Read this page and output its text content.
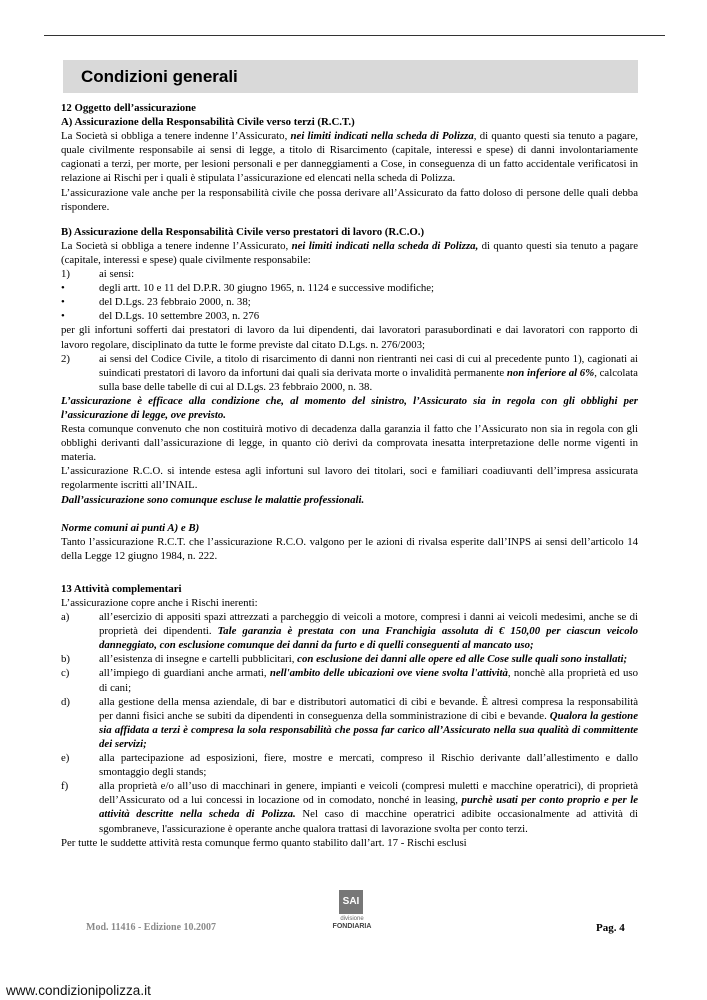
Condizioni generali

12 Oggetto dell’assicurazione

A) Assicurazione della Responsabilità Civile verso terzi (R.C.T.)

La Società si obbliga a tenere indenne l’Assicurato, nei limiti indicati nella scheda di Polizza, di quanto questi sia tenuto a pagare, quale civilmente responsabile ai sensi di legge, a titolo di Risarcimento (capitale, interessi e spese) di danni involontariamente cagionati a terzi, per morte, per lesioni personali e per danneggiamenti a Cose, in conseguenza di un fatto accidentale verificatosi in relazione ai Rischi per i quali è stipulata l’assicurazione ed elencati nella scheda di Polizza.

L’assicurazione vale anche per la responsabilità civile che possa derivare all’Assicurato da fatto doloso di persone delle quali debba rispondere.

B) Assicurazione della Responsabilità Civile verso prestatori di lavoro (R.C.O.)

La Società si obbliga a tenere indenne l’Assicurato, nei limiti indicati nella scheda di Polizza, di quanto questi sia tenuto a pagare (capitale, interessi e spese) quale civilmente responsabile:

1)	ai sensi:
•	degli artt. 10 e 11 del D.P.R. 30 giugno 1965, n. 1124 e successive modifiche;
•	del D.Lgs. 23 febbraio 2000, n. 38;
•	del D.Lgs. 10 settembre 2003, n. 276

per gli infortuni sofferti dai prestatori di lavoro da lui dipendenti, dai lavoratori parasubordinati e dai lavoratori con rapporto di lavoro regolare, disciplinato da tutte le forme previste dal citato D.Lgs. n. 276/2003;

2)	ai sensi del Codice Civile, a titolo di risarcimento di danni non rientranti nei casi di cui al precedente punto 1), cagionati ai suindicati prestatori di lavoro da infortuni dai quali sia derivata morte o invalidità permanente non inferiore al 6%, calcolata sulla base delle tabelle di cui al D.Lgs. 23 febbraio 2000, n. 38.

L’assicurazione è efficace alla condizione che, al momento del sinistro, l’Assicurato sia in regola con gli obblighi per l’assicurazione di legge, ove previsto.

Resta comunque convenuto che non costituirà motivo di decadenza dalla garanzia il fatto che l’Assicurato non sia in regola con gli obblighi derivanti dall’assicurazione di legge, in quanto ciò derivi da comprovata inesatta interpretazione delle norme vigenti in materia.

L’assicurazione R.C.O. si intende estesa agli infortuni sul lavoro dei titolari, soci e familiari coadiuvanti dell’impresa assicurata regolarmente iscritti all’INAIL.

Dall’assicurazione sono comunque escluse le malattie professionali.

Norme comuni ai punti A) e B)

Tanto l’assicurazione R.C.T. che l’assicurazione R.C.O. valgono per le azioni di rivalsa esperite dall’INPS ai sensi dell’articolo 14 della Legge 12 giugno 1984, n. 222.

13 Attività complementari

L’assicurazione copre anche i Rischi inerenti:

a)	all’esercizio di appositi spazi attrezzati a parcheggio di veicoli a motore, compresi i danni ai veicoli medesimi, anche se di proprietà dei dipendenti. Tale garanzia è prestata con una Franchigia assoluta di € 150,00 per ciascun veicolo danneggiato, con esclusione comunque dei danni da furto e di quelli conseguenti al mancato uso;
b)	all’esistenza di insegne e cartelli pubblicitari, con esclusione dei danni alle opere ed alle Cose sulle quali sono installati;
c)	all’impiego di guardiani anche armati, nell'ambito delle ubicazioni ove viene svolta l'attività, nonchè alla proprietà ed uso di cani;
d)	alla gestione della mensa aziendale, di bar e distributori automatici di cibi e bevande. È altresì compresa la responsabilità per danni fisici anche se subiti da dipendenti in conseguenza della somministrazione di cibi e bevande. Qualora la gestione sia affidata a terzi è compresa la sola responsabilità che possa far carico all’Assicurato nella sua qualità di committente dei servizi;
e)	alla partecipazione ad esposizioni, fiere, mostre e mercati, compreso il Rischio derivante dall’allestimento e dallo smontaggio degli stands;
f)	alla proprietà e/o all’uso di macchinari in genere, impianti e veicoli (compresi muletti e macchine operatrici), di proprietà dell’Assicurato od a lui concessi in locazione od in comodato, nonché in leasing, purchè usati per conto proprio e per le attività descritte nella scheda di Polizza. Nel caso di macchine operatrici adibite occasionalmente ad attività di sgombraneve, l'assicurazione è operante anche qualora trattasi di lavorazione svolta per conto terzi.

Per tutte le suddette attività resta comunque fermo quanto stabilito dall’art. 17 - Rischi esclusi

Mod. 11416 - Edizione 10.2007
SAI
divisione
FONDIARIA	Pag. 4
www.condizionipolizza.it
